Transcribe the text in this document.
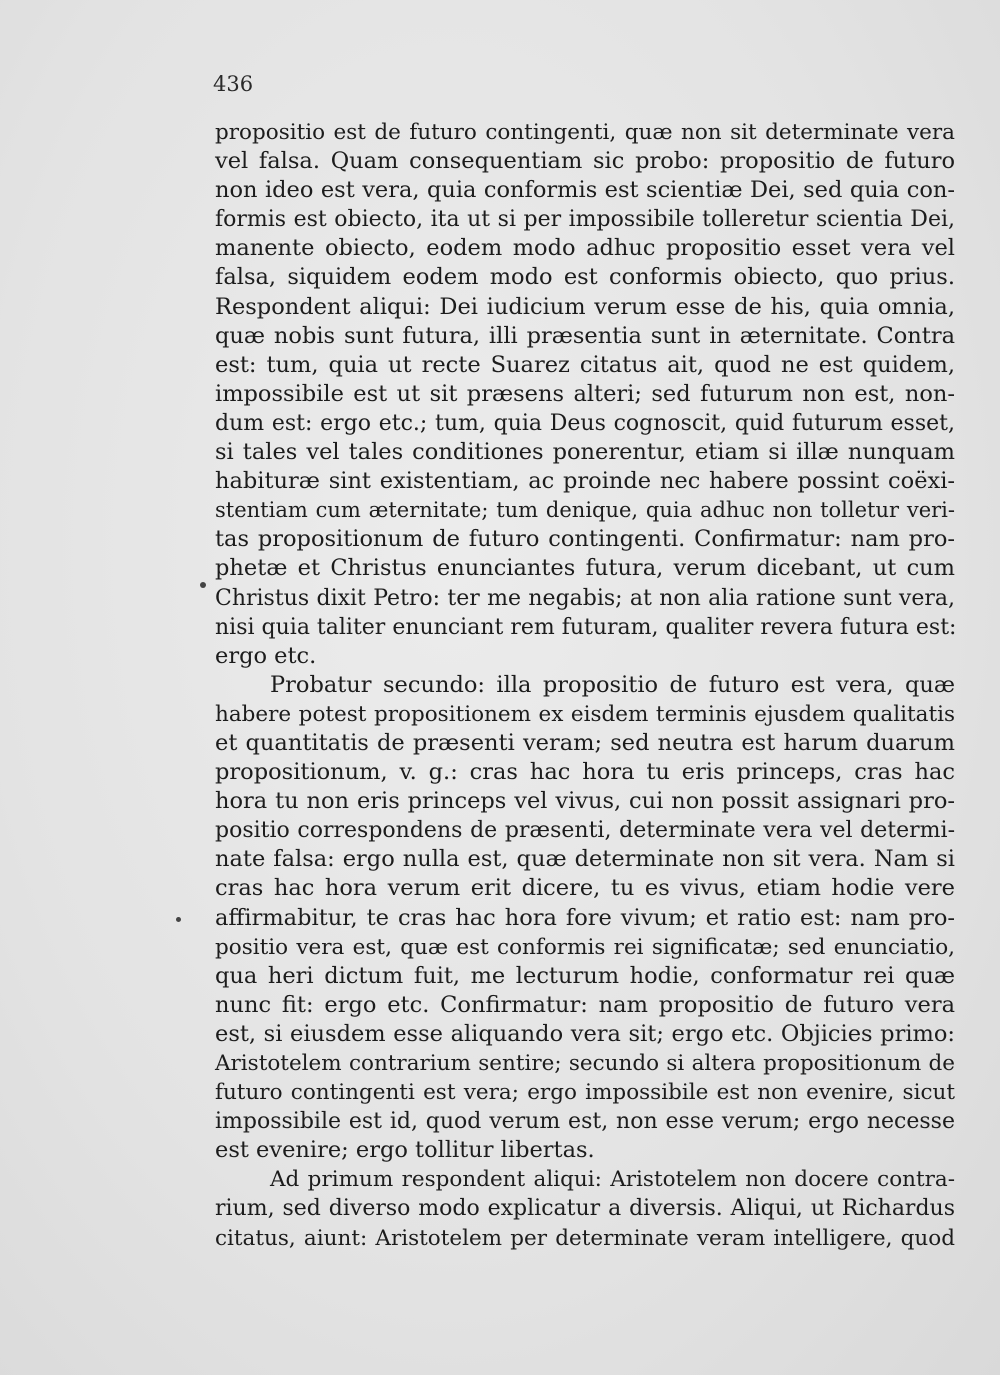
436
propositio est de futuro contingenti, quæ non sit determinate vera
vel falsa. Quam consequentiam sic probo: propositio de futuro
non ideo est vera, quia conformis est scientiæ Dei, sed quia con-
formis est obiecto, ita ut si per impossibile tolleretur scientia Dei,
manente obiecto, eodem modo adhuc propositio esset vera vel
falsa, siquidem eodem modo est conformis obiecto, quo prius.
Respondent aliqui: Dei iudicium verum esse de his, quia omnia,
quæ nobis sunt futura, illi præsentia sunt in æternitate. Contra
est: tum, quia ut recte Suarez citatus ait, quod ne est quidem,
impossibile est ut sit præsens alteri; sed futurum non est, non-
dum est: ergo etc.; tum, quia Deus cognoscit, quid futurum esset,
si tales vel tales conditiones ponerentur, etiam si illæ nunquam
habituræ sint existentiam, ac proinde nec habere possint coëxi-
stentiam cum æternitate; tum denique, quia adhuc non tolletur veri-
tas propositionum de futuro contingenti. Confirmatur: nam pro-
phetæ et Christus enunciantes futura, verum dicebant, ut cum
Christus dixit Petro: ter me negabis; at non alia ratione sunt vera,
nisi quia taliter enunciant rem futuram, qualiter revera futura est:
ergo etc.
Probatur secundo: illa propositio de futuro est vera, quæ
habere potest propositionem ex eisdem terminis ejusdem qualitatis
et quantitatis de præsenti veram; sed neutra est harum duarum
propositionum, v. g.: cras hac hora tu eris princeps, cras hac
hora tu non eris princeps vel vivus, cui non possit assignari pro-
positio correspondens de præsenti, determinate vera vel determi-
nate falsa: ergo nulla est, quæ determinate non sit vera. Nam si
cras hac hora verum erit dicere, tu es vivus, etiam hodie vere
affirmabitur, te cras hac hora fore vivum; et ratio est: nam pro-
positio vera est, quæ est conformis rei significatæ; sed enunciatio,
qua heri dictum fuit, me lecturum hodie, conformatur rei quæ
nunc fit: ergo etc. Confirmatur: nam propositio de futuro vera
est, si eiusdem esse aliquando vera sit; ergo etc. Objicies primo:
Aristotelem contrarium sentire; secundo si altera propositionum de
futuro contingenti est vera; ergo impossibile est non evenire, sicut
impossibile est id, quod verum est, non esse verum; ergo necesse
est evenire; ergo tollitur libertas.
Ad primum respondent aliqui: Aristotelem non docere contra-
rium, sed diverso modo explicatur a diversis. Aliqui, ut Richardus
citatus, aiunt: Aristotelem per determinate veram intelligere, quod
